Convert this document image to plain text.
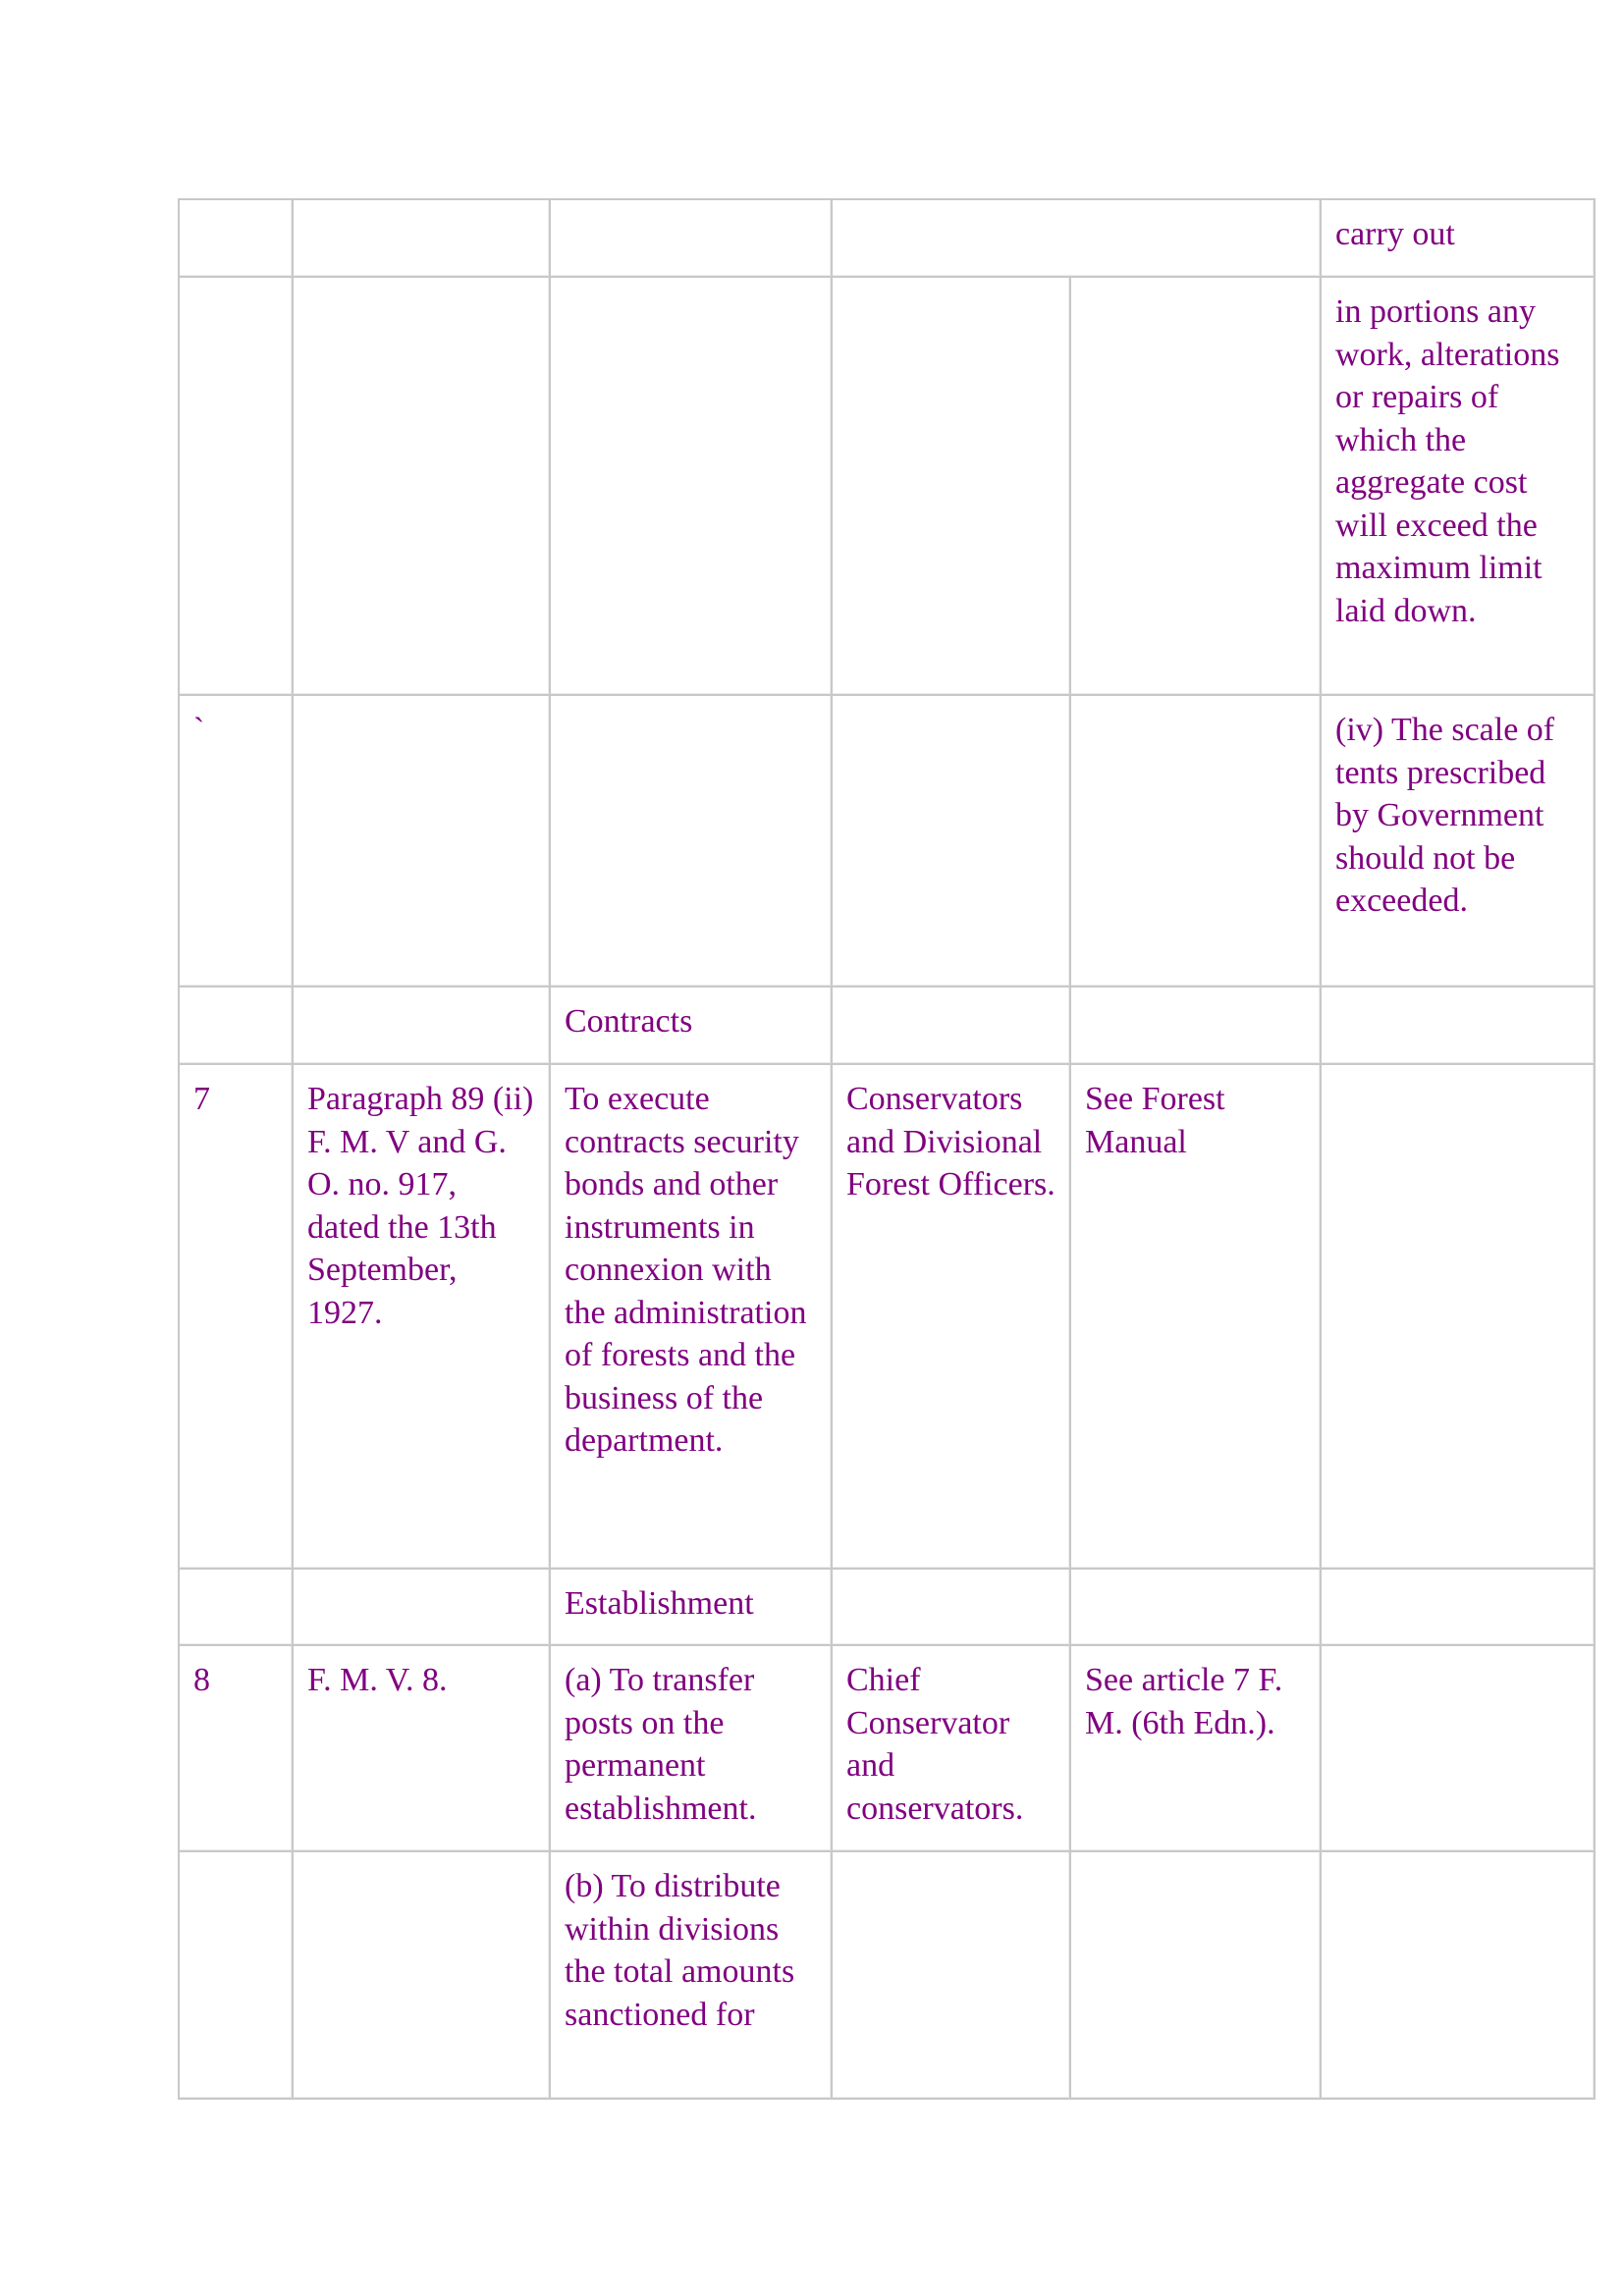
					carry out
					in portions any work, alterations or repairs of which the aggregate cost will exceed the maximum limit laid down.
`					(iv) The scale of tents prescribed by Government should not be exceeded.
		Contracts			
7	Paragraph 89 (ii) F. M. V and G. O. no. 917, dated the 13th September, 1927.	To execute contracts security bonds and other instruments in connexion with the administration of forests and the business of the department.	Conservators and Divisional Forest Officers.	See Forest Manual	
		Establishment			
8	F. M. V. 8.	(a) To transfer posts on the permanent establishment.	Chief Conservator and conservators.	See article 7 F. M. (6th Edn.).	
		(b) To distribute within divisions the total amounts sanctioned for			
